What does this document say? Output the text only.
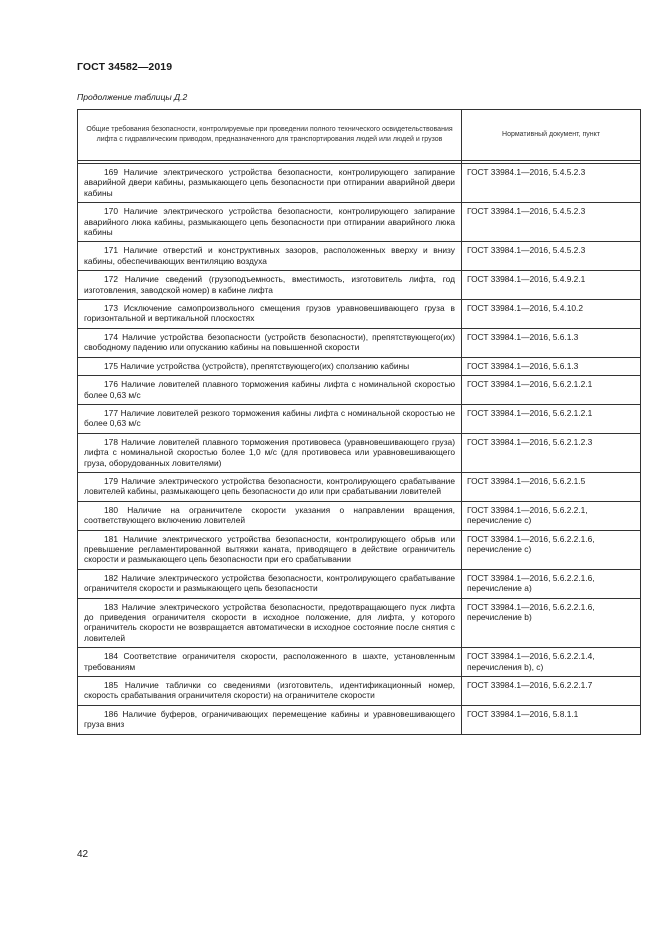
ГОСТ 34582—2019
Продолжение таблицы Д.2
Общие требования безопасности, контролируемые при проведении полного технического освидетельствования лифта с гидравлическим приводом, предназначенного для транспортирования людей или людей и грузов	Нормативный документ, пункт

169 Наличие электрического устройства безопасности, контролирующего запирание аварийной двери кабины, размыкающего цепь безопасности при отпирании аварийной двери кабины	ГОСТ 33984.1—2016, 5.4.5.2.3
170 Наличие электрического устройства безопасности, контролирующего запирание аварийного люка кабины, размыкающего цепь безопасности при отпирании аварийного люка кабины	ГОСТ 33984.1—2016, 5.4.5.2.3
171 Наличие отверстий и конструктивных зазоров, расположенных вверху и внизу кабины, обеспечивающих вентиляцию воздуха	ГОСТ 33984.1—2016, 5.4.5.2.3
172 Наличие сведений (грузоподъемность, вместимость, изготовитель лифта, год изготовления, заводской номер) в кабине лифта	ГОСТ 33984.1—2016, 5.4.9.2.1
173 Исключение самопроизвольного смещения грузов уравновешивающего груза в горизонтальной и вертикальной плоскостях	ГОСТ 33984.1—2016, 5.4.10.2
174 Наличие устройства безопасности (устройств безопасности), препятствующего(их) свободному падению или опусканию кабины на повышенной скорости	ГОСТ 33984.1—2016, 5.6.1.3
175 Наличие устройства (устройств), препятствующего(их) сползанию кабины	ГОСТ 33984.1—2016, 5.6.1.3
176 Наличие ловителей плавного торможения кабины лифта с номинальной скоростью более 0,63 м/с	ГОСТ 33984.1—2016, 5.6.2.1.2.1
177 Наличие ловителей резкого торможения кабины лифта с номинальной скоростью не более 0,63 м/с	ГОСТ 33984.1—2016, 5.6.2.1.2.1
178 Наличие ловителей плавного торможения противовеса (уравновешивающего груза) лифта с номинальной скоростью более 1,0 м/с (для противовеса или уравновешивающего груза, оборудованных ловителями)	ГОСТ 33984.1—2016, 5.6.2.1.2.3
179 Наличие электрического устройства безопасности, контролирующего срабатывание ловителей кабины, размыкающего цепь безопасности до или при срабатывании ловителей	ГОСТ 33984.1—2016, 5.6.2.1.5
180 Наличие на ограничителе скорости указания о направлении вращения, соответствующего включению ловителей	ГОСТ 33984.1—2016, 5.6.2.2.1, перечисление с)
181 Наличие электрического устройства безопасности, контролирующего обрыв или превышение регламентированной вытяжки каната, приводящего в действие ограничитель скорости и размыкающего цепь безопасности при его срабатывании	ГОСТ 33984.1—2016, 5.6.2.2.1.6, перечисление с)
182 Наличие электрического устройства безопасности, контролирующего срабатывание ограничителя скорости и размыкающего цепь безопасности	ГОСТ 33984.1—2016, 5.6.2.2.1.6, перечисление а)
183 Наличие электрического устройства безопасности, предотвращающего пуск лифта до приведения ограничителя скорости в исходное положение, для лифта, у которого ограничитель скорости не возвращается автоматически в исходное состояние после снятия с ловителей	ГОСТ 33984.1—2016, 5.6.2.2.1.6, перечисление b)
184 Соответствие ограничителя скорости, расположенного в шахте, установленным требованиям	ГОСТ 33984.1—2016, 5.6.2.2.1.4, перечисления b), с)
185 Наличие таблички со сведениями (изготовитель, идентификационный номер, скорость срабатывания ограничителя скорости) на ограничителе скорости	ГОСТ 33984.1—2016, 5.6.2.2.1.7
186 Наличие буферов, ограничивающих перемещение кабины и уравновешивающего груза вниз	ГОСТ 33984.1—2016, 5.8.1.1
42
